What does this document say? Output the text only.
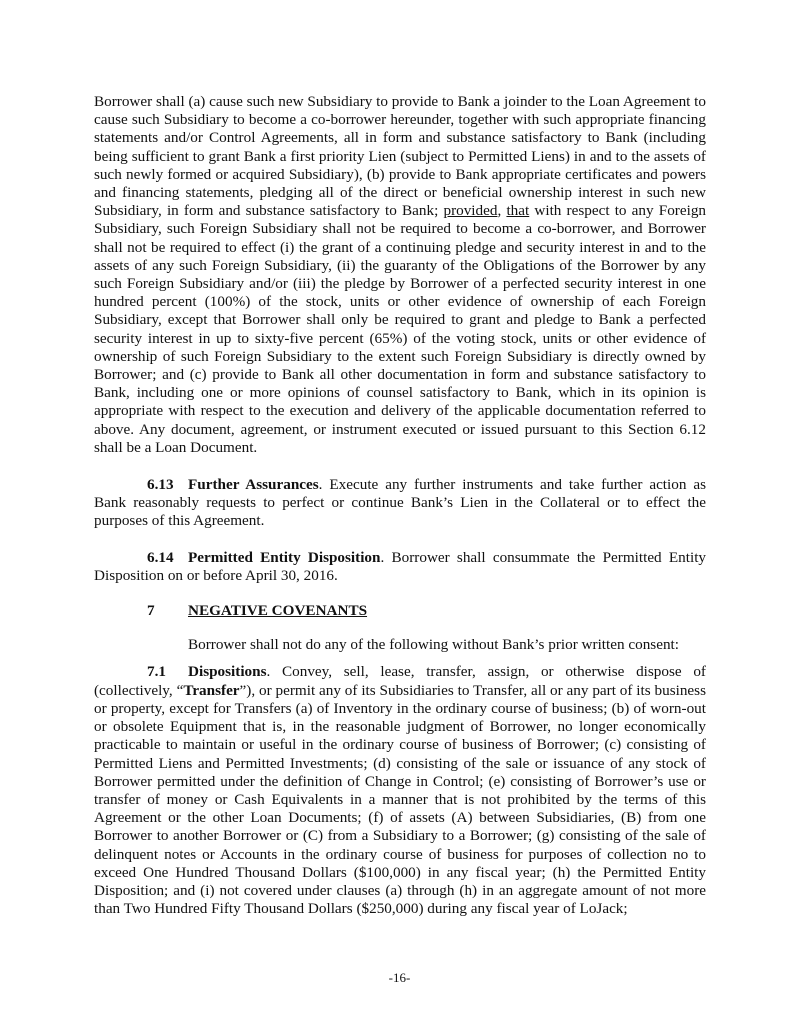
Borrower shall (a) cause such new Subsidiary to provide to Bank a joinder to the Loan Agreement to cause such Subsidiary to become a co-borrower hereunder, together with such appropriate financing statements and/or Control Agreements, all in form and substance satisfactory to Bank (including being sufficient to grant Bank a first priority Lien (subject to Permitted Liens) in and to the assets of such newly formed or acquired Subsidiary), (b) provide to Bank appropriate certificates and powers and financing statements, pledging all of the direct or beneficial ownership interest in such new Subsidiary, in form and substance satisfactory to Bank; provided, that with respect to any Foreign Subsidiary, such Foreign Subsidiary shall not be required to become a co-borrower, and Borrower shall not be required to effect (i) the grant of a continuing pledge and security interest in and to the assets of any such Foreign Subsidiary, (ii) the guaranty of the Obligations of the Borrower by any such Foreign Subsidiary and/or (iii) the pledge by Borrower of a perfected security interest in one hundred percent (100%) of the stock, units or other evidence of ownership of each Foreign Subsidiary, except that Borrower shall only be required to grant and pledge to Bank a perfected security interest in up to sixty-five percent (65%) of the voting stock, units or other evidence of ownership of such Foreign Subsidiary to the extent such Foreign Subsidiary is directly owned by Borrower; and (c) provide to Bank all other documentation in form and substance satisfactory to Bank, including one or more opinions of counsel satisfactory to Bank, which in its opinion is appropriate with respect to the execution and delivery of the applicable documentation referred to above. Any document, agreement, or instrument executed or issued pursuant to this Section 6.12 shall be a Loan Document.

6.13 Further Assurances. Execute any further instruments and take further action as Bank reasonably requests to perfect or continue Bank’s Lien in the Collateral or to effect the purposes of this Agreement.

6.14 Permitted Entity Disposition. Borrower shall consummate the Permitted Entity Disposition on or before April 30, 2016.

7	NEGATIVE COVENANTS

Borrower shall not do any of the following without Bank’s prior written consent:

7.1 Dispositions. Convey, sell, lease, transfer, assign, or otherwise dispose of (collectively, “Transfer”), or permit any of its Subsidiaries to Transfer, all or any part of its business or property, except for Transfers (a) of Inventory in the ordinary course of business; (b) of worn-out or obsolete Equipment that is, in the reasonable judgment of Borrower, no longer economically practicable to maintain or useful in the ordinary course of business of Borrower; (c) consisting of Permitted Liens and Permitted Investments; (d) consisting of the sale or issuance of any stock of Borrower permitted under the definition of Change in Control; (e) consisting of Borrower’s use or transfer of money or Cash Equivalents in a manner that is not prohibited by the terms of this Agreement or the other Loan Documents; (f) of assets (A) between Subsidiaries, (B) from one Borrower to another Borrower or (C) from a Subsidiary to a Borrower; (g) consisting of the sale of delinquent notes or Accounts in the ordinary course of business for purposes of collection no to exceed One Hundred Thousand Dollars ($100,000) in any fiscal year; (h) the Permitted Entity Disposition; and (i) not covered under clauses (a) through (h) in an aggregate amount of not more than Two Hundred Fifty Thousand Dollars ($250,000) during any fiscal year of LoJack;

-16-
